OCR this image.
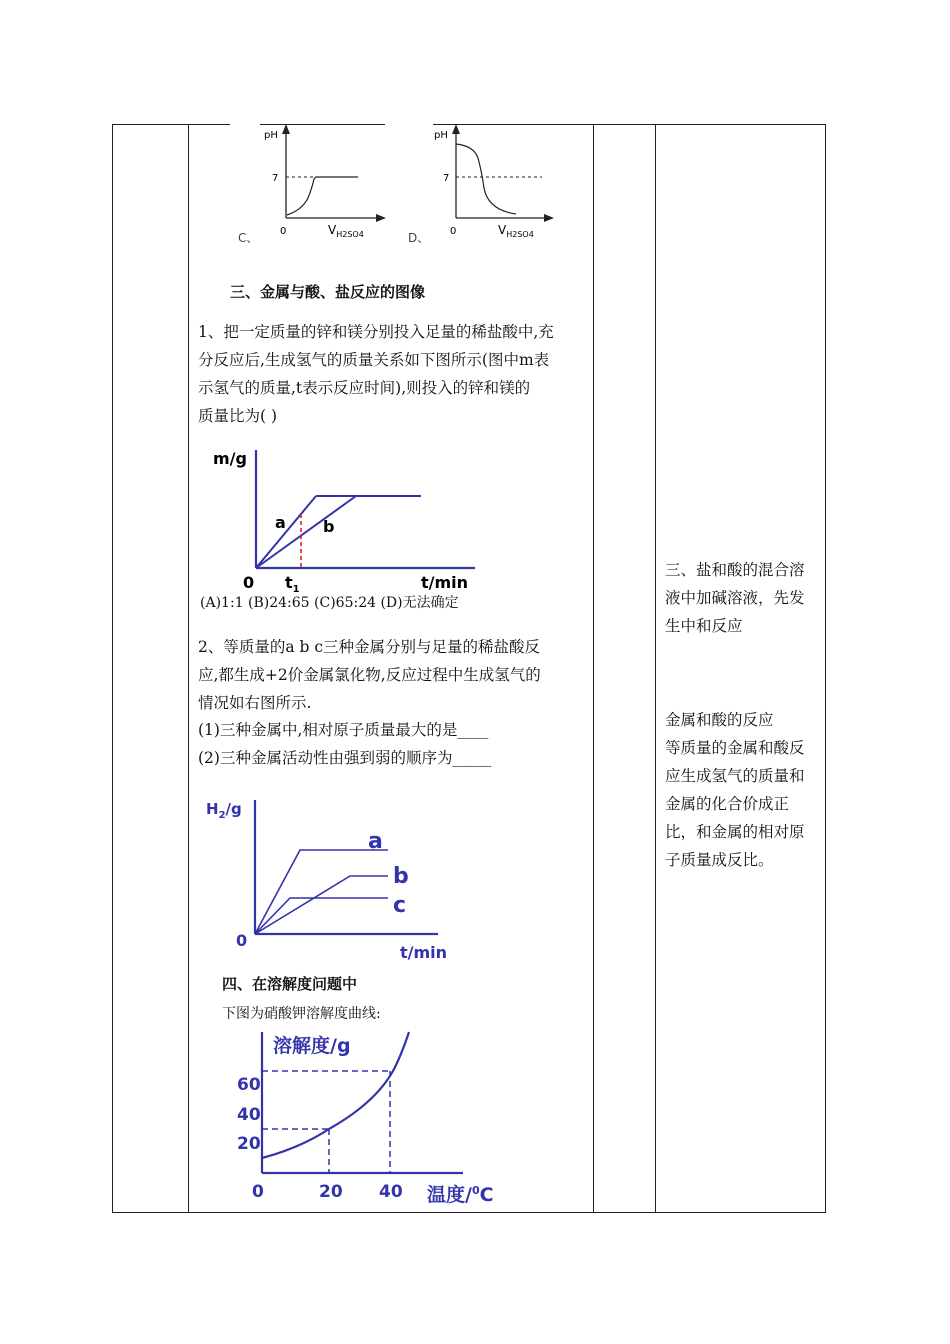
pH
7
0	$V_{H2SO4}$
C、
pH
7
0	$V_{H2SO4}$
D、
三、金属与酸、盐反应的图像
1、把一定质量的锌和镁分别投入足量的稀盐酸中,充
分反应后,生成氢气的质量关系如下图所示(图中m表
示氢气的质量,t表示反应时间),则投入的锌和镁的
质量比为( )
m/g
a b
0 $t_1$	t/min
(A)1:1 (B)24:65 (C)65:24 (D)无法确定
2、等质量的a b c三种金属分别与足量的稀盐酸反
应,都生成+2价金属氯化物,反应过程中生成氢气的
情况如右图所示.
(1)三种金属中,相对原子质量最大的是____
(2)三种金属活动性由强到弱的顺序为_____
$H_2/g$
a
b
c
0
t/min
四、在溶解度问题中
下图为硝酸钾溶解度曲线:
溶解度/g
60
40
20
0	20 40 温度/$^0$C
三、盐和酸的混合溶
液中加碱溶液，先发
生中和反应
金属和酸的反应
等质量的金属和酸反
应生成氢气的质量和
金属的化合价成正
比，和金属的相对原
子质量成反比。
